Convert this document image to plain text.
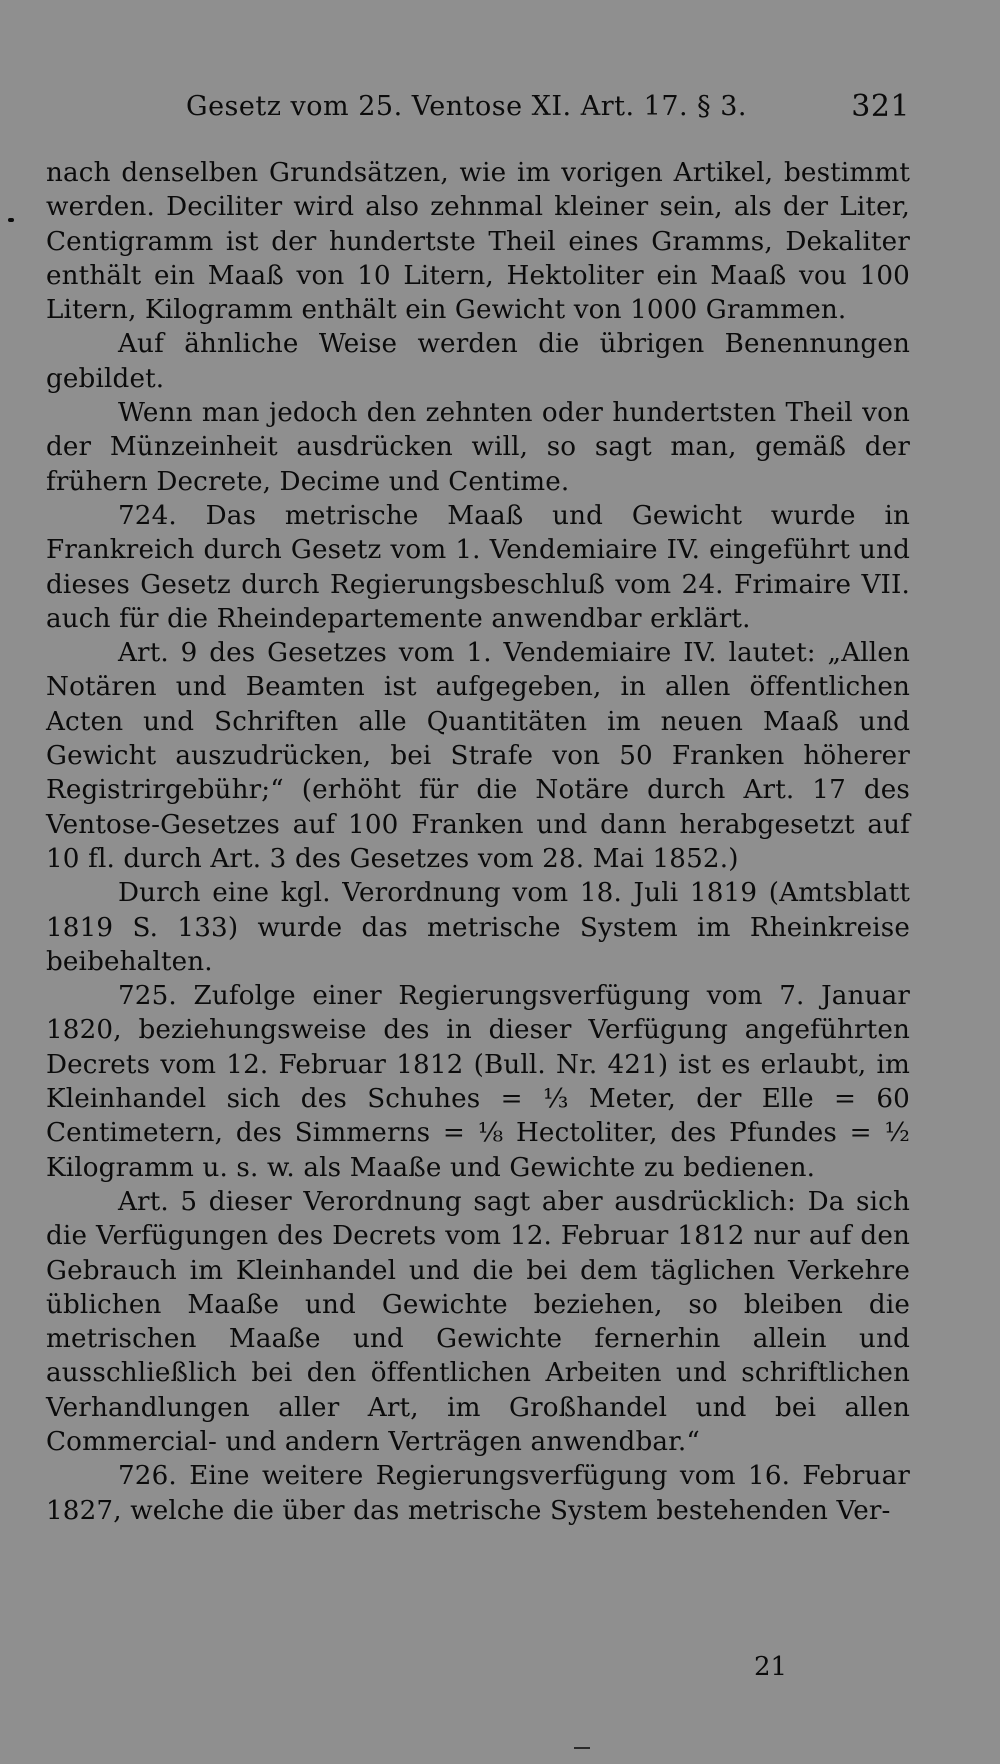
Gesetz vom 25. Ventose XI. Art. 17. § 3.	321

nach denselben Grundsätzen, wie im vorigen Artikel, bestimmt werden. Deciliter wird also zehnmal kleiner sein, als der Liter, Centigramm ist der hundertste Theil eines Gramms, Dekaliter enthält ein Maaß von 10 Litern, Hektoliter ein Maaß vou 100 Litern, Kilogramm enthält ein Gewicht von 1000 Grammen.

Auf ähnliche Weise werden die übrigen Benennungen gebildet.

Wenn man jedoch den zehnten oder hundertsten Theil von der Münzeinheit ausdrücken will, so sagt man, gemäß der frühern Decrete, Decime und Centime.

724. Das metrische Maaß und Gewicht wurde in Frankreich durch Gesetz vom 1. Vendemiaire IV. eingeführt und dieses Gesetz durch Regierungsbeschluß vom 24. Frimaire VII. auch für die Rheindepartemente anwendbar erklärt.

Art. 9 des Gesetzes vom 1. Vendemiaire IV. lautet: „Allen Notären und Beamten ist aufgegeben, in allen öffentlichen Acten und Schriften alle Quantitäten im neuen Maaß und Gewicht auszudrücken, bei Strafe von 50 Franken höherer Registrirgebühr;“ (erhöht für die Notäre durch Art. 17 des Ventose-Gesetzes auf 100 Franken und dann herabgesetzt auf 10 fl. durch Art. 3 des Gesetzes vom 28. Mai 1852.)

Durch eine kgl. Verordnung vom 18. Juli 1819 (Amtsblatt 1819 S. 133) wurde das metrische System im Rheinkreise beibehalten.

725. Zufolge einer Regierungsverfügung vom 7. Januar 1820, beziehungsweise des in dieser Verfügung angeführten Decrets vom 12. Februar 1812 (Bull. Nr. 421) ist es erlaubt, im Kleinhandel sich des Schuhes = ⅓ Meter, der Elle = 60 Centimetern, des Simmerns = ⅛ Hectoliter, des Pfundes = ½ Kilogramm u. s. w. als Maaße und Gewichte zu bedienen.

Art. 5 dieser Verordnung sagt aber ausdrücklich: Da sich die Verfügungen des Decrets vom 12. Februar 1812 nur auf den Gebrauch im Kleinhandel und die bei dem täglichen Verkehre üblichen Maaße und Gewichte beziehen, so bleiben die metrischen Maaße und Gewichte fernerhin allein und ausschließlich bei den öffentlichen Arbeiten und schriftlichen Verhandlungen aller Art, im Großhandel und bei allen Commercial- und andern Verträgen anwendbar.“

726. Eine weitere Regierungsverfügung vom 16. Februar 1827, welche die über das metrische System bestehenden Ver-

21
